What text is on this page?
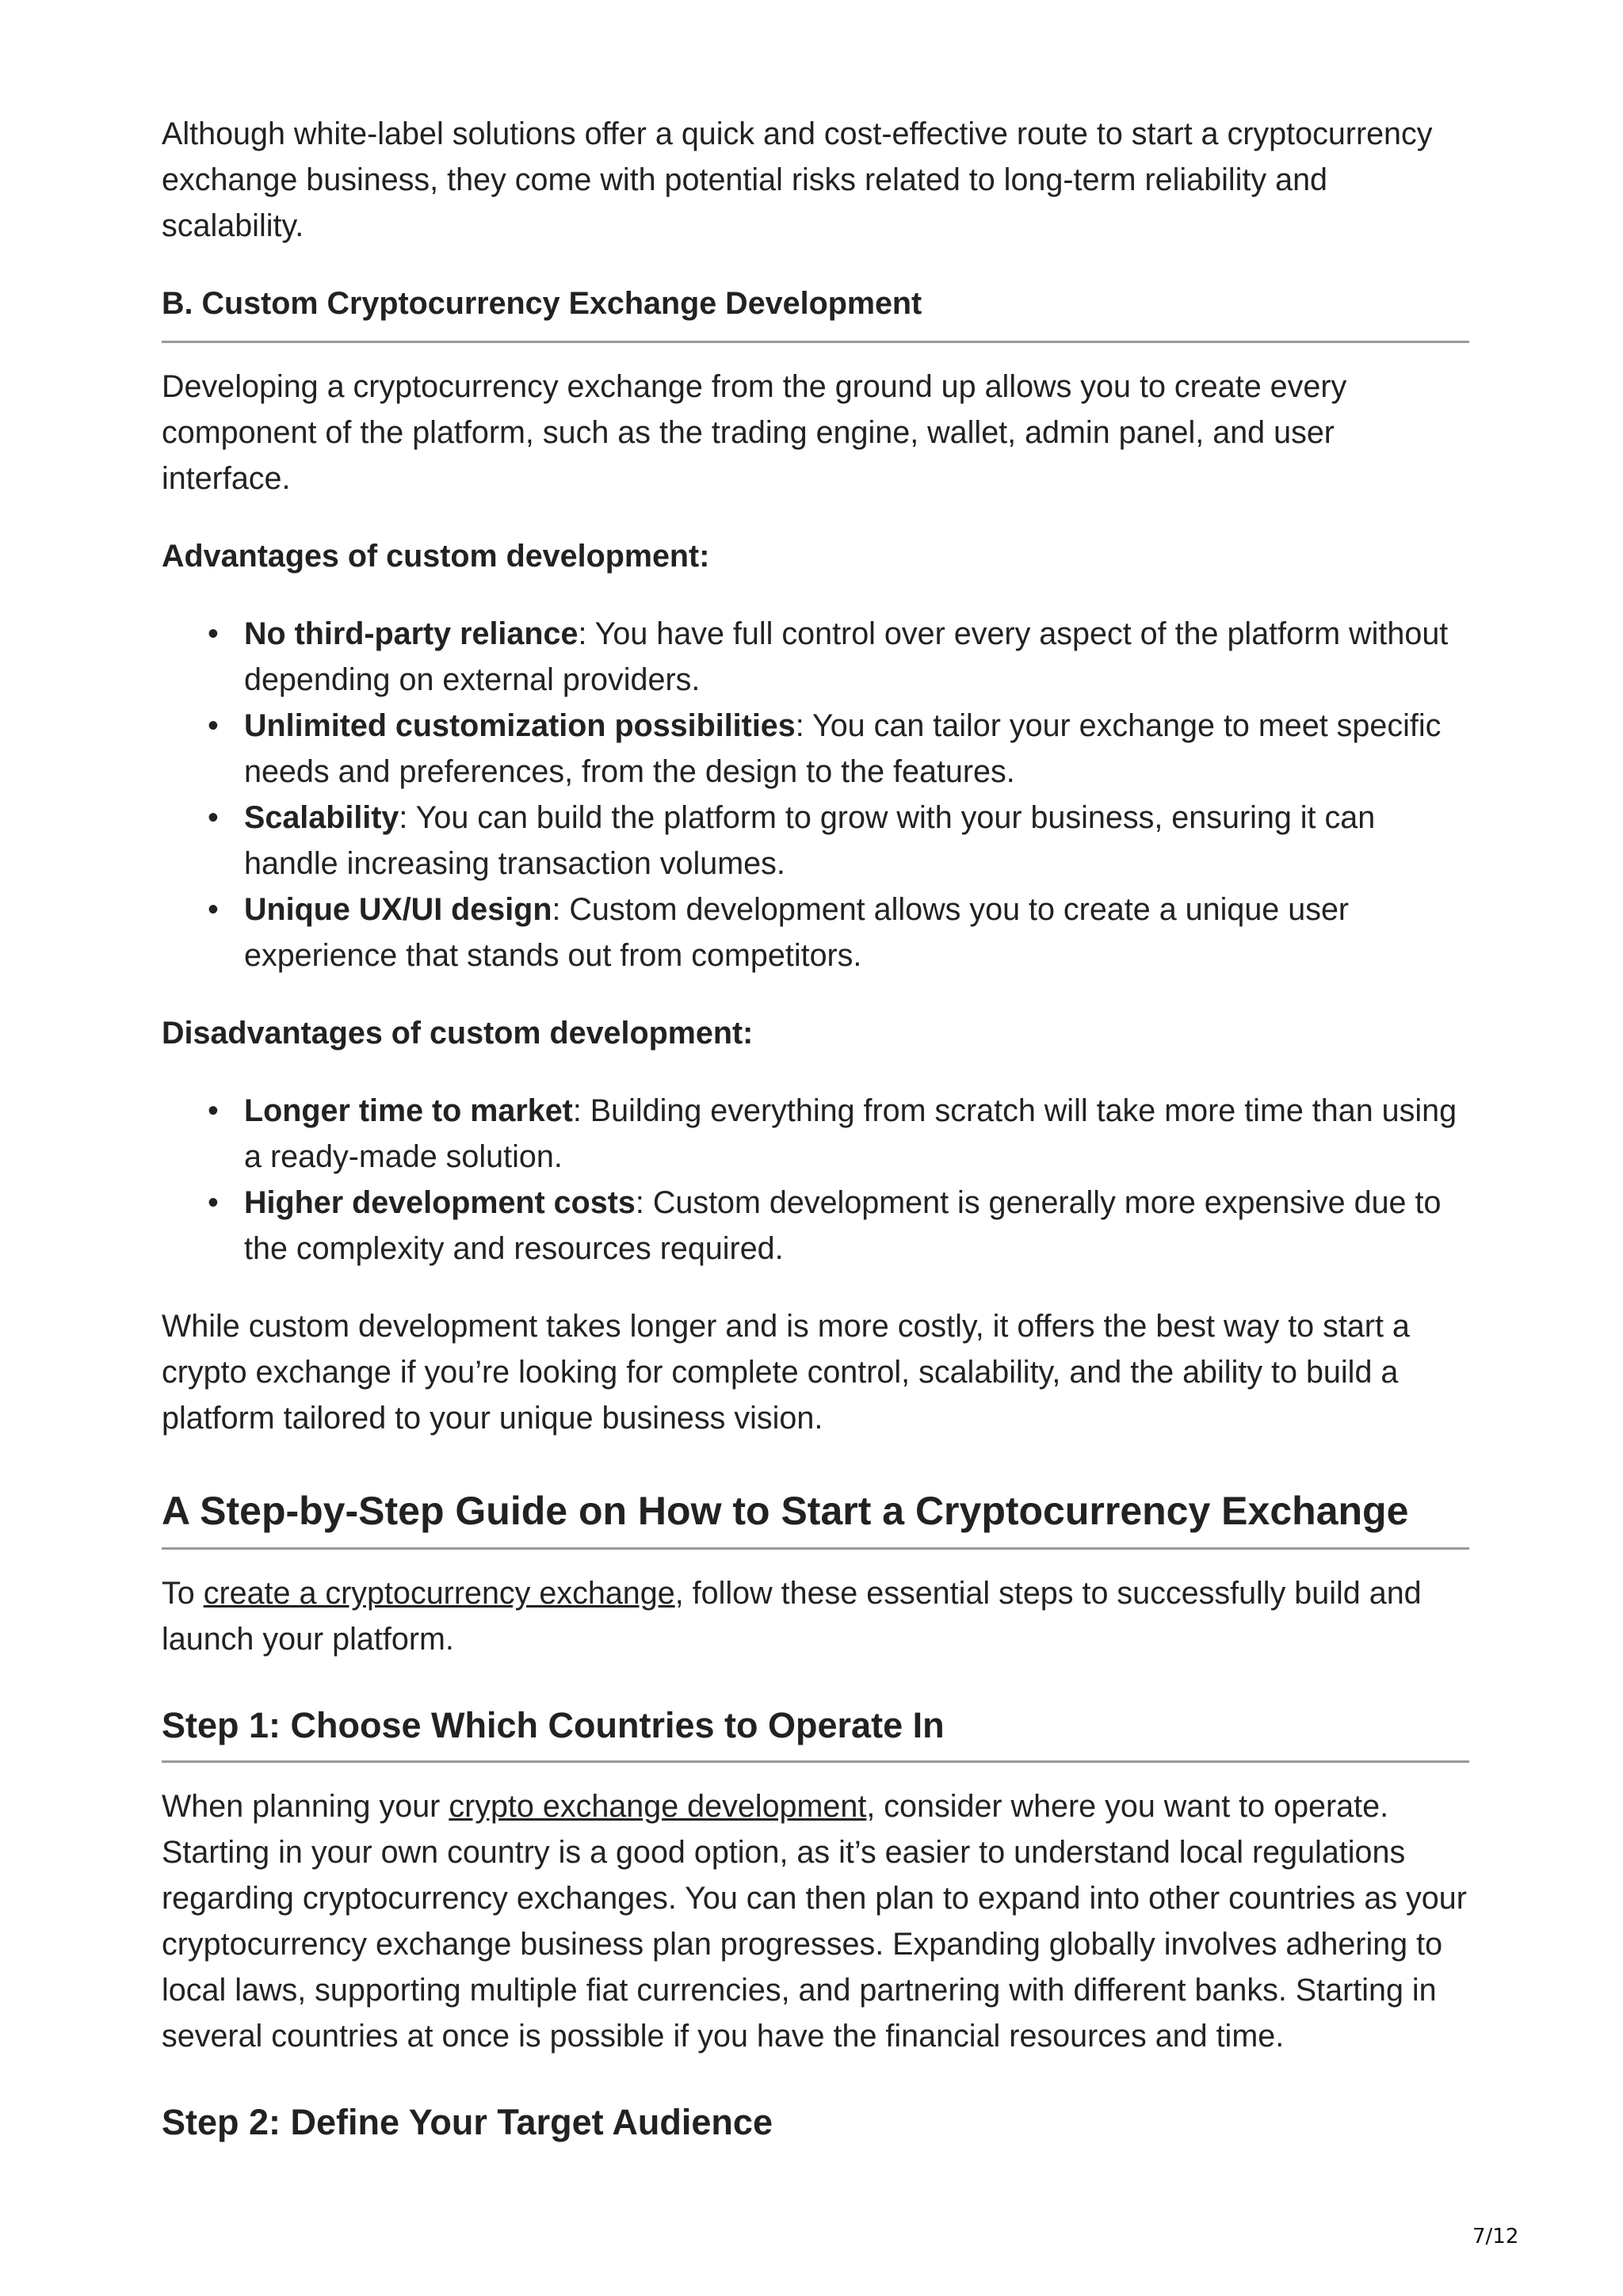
Although white-label solutions offer a quick and cost-effective route to start a cryptocurrency exchange business, they come with potential risks related to long-term reliability and scalability.

B. Custom Cryptocurrency Exchange Development

Developing a cryptocurrency exchange from the ground up allows you to create every component of the platform, such as the trading engine, wallet, admin panel, and user interface.

Advantages of custom development:
• No third-party reliance: You have full control over every aspect of the platform without depending on external providers.
• Unlimited customization possibilities: You can tailor your exchange to meet specific needs and preferences, from the design to the features.
• Scalability: You can build the platform to grow with your business, ensuring it can handle increasing transaction volumes.
• Unique UX/UI design: Custom development allows you to create a unique user experience that stands out from competitors.
Disadvantages of custom development:
• Longer time to market: Building everything from scratch will take more time than using a ready-made solution.
• Higher development costs: Custom development is generally more expensive due to the complexity and resources required.

While custom development takes longer and is more costly, it offers the best way to start a crypto exchange if you’re looking for complete control, scalability, and the ability to build a platform tailored to your unique business vision.

A Step-by-Step Guide on How to Start a Cryptocurrency Exchange

To create a cryptocurrency exchange, follow these essential steps to successfully build and launch your platform.

Step 1: Choose Which Countries to Operate In

When planning your crypto exchange development, consider where you want to operate. Starting in your own country is a good option, as it’s easier to understand local regulations regarding cryptocurrency exchanges. You can then plan to expand into other countries as your cryptocurrency exchange business plan progresses. Expanding globally involves adhering to local laws, supporting multiple fiat currencies, and partnering with different banks. Starting in several countries at once is possible if you have the financial resources and time.

Step 2: Define Your Target Audience
7/12
